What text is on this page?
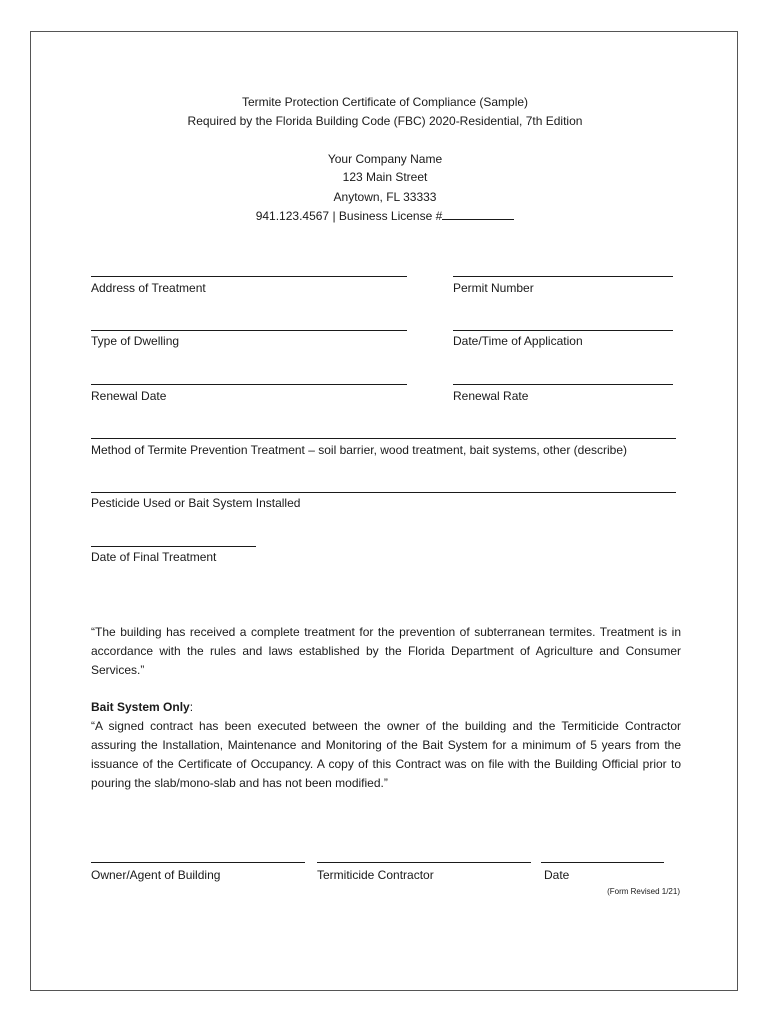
Termite Protection Certificate of Compliance (Sample)
Required by the Florida Building Code (FBC) 2020-Residential, 7th Edition
Your Company Name
123 Main Street
Anytown, FL 33333
941.123.4567 | Business License #
Address of Treatment	Permit Number
Type of Dwelling	Date/Time of Application
Renewal Date	Renewal Rate
Method of Termite Prevention Treatment – soil barrier, wood treatment, bait systems, other (describe)
Pesticide Used or Bait System Installed
Date of Final Treatment
“The building has received a complete treatment for the prevention of subterranean termites. Treatment is in accordance with the rules and laws established by the Florida Department of Agriculture and Consumer Services.”
Bait System Only:
“A signed contract has been executed between the owner of the building and the Termiticide Contractor assuring the Installation, Maintenance and Monitoring of the Bait System for a minimum of 5 years from the issuance of the Certificate of Occupancy. A copy of this Contract was on file with the Building Official prior to pouring the slab/mono-slab and has not been modified.”
Owner/Agent of Building	Termiticide Contractor	Date
(Form Revised 1/21)
